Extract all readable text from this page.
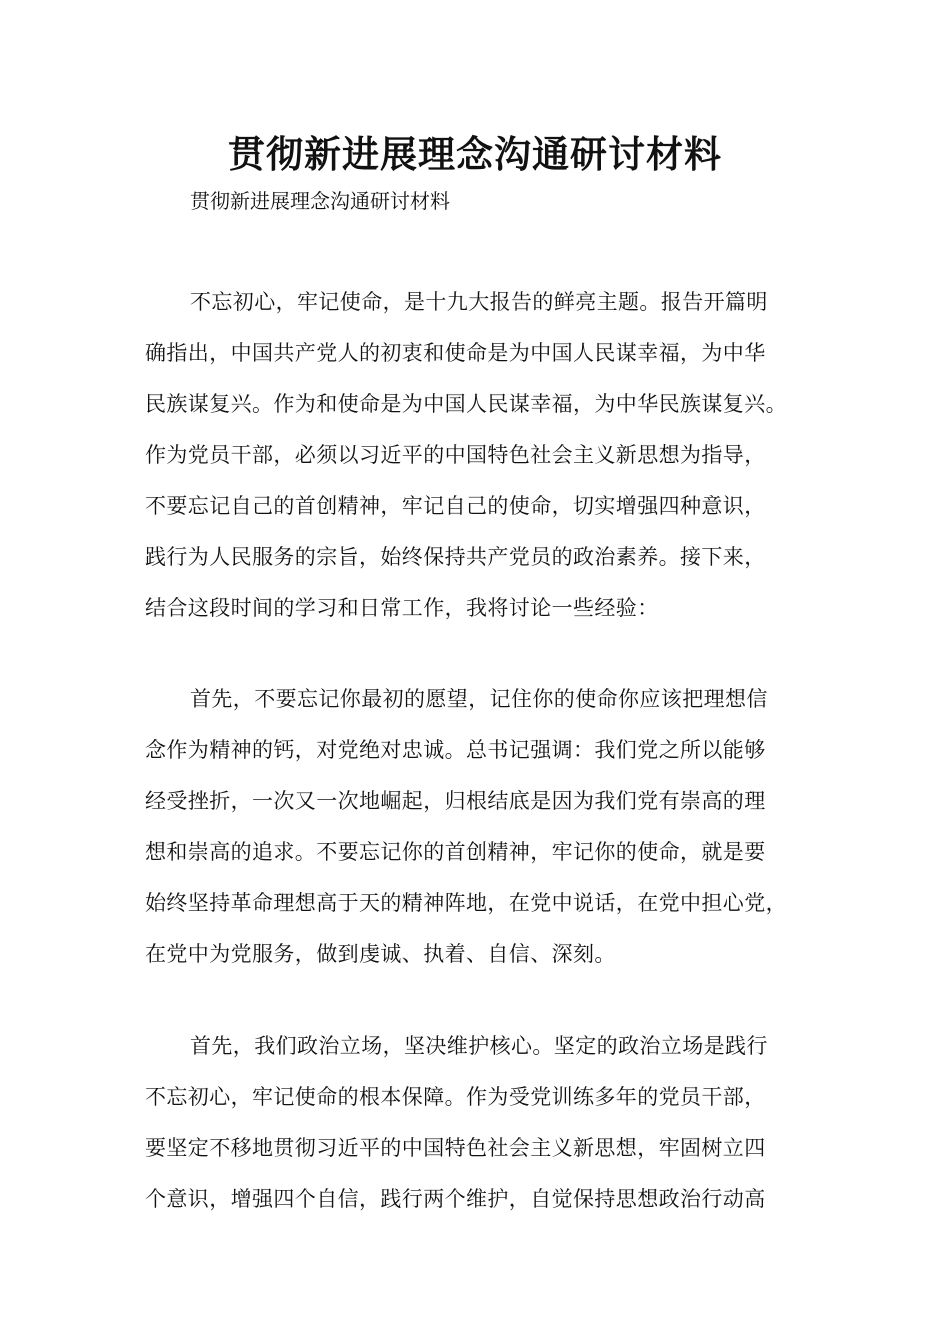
贯彻新进展理念沟通研讨材料
贯彻新进展理念沟通研讨材料
不忘初心，牢记使命，是十九大报告的鲜亮主题。报告开篇明
确指出，中国共产党人的初衷和使命是为中国人民谋幸福，为中华
民族谋复兴。作为和使命是为中国人民谋幸福，为中华民族谋复兴。
作为党员干部，必须以习近平的中国特色社会主义新思想为指导，
不要忘记自己的首创精神，牢记自己的使命，切实增强四种意识，
践行为人民服务的宗旨，始终保持共产党员的政治素养。接下来，
结合这段时间的学习和日常工作，我将讨论一些经验：
首先，不要忘记你最初的愿望，记住你的使命你应该把理想信
念作为精神的钙，对党绝对忠诚。总书记强调：我们党之所以能够
经受挫折，一次又一次地崛起，归根结底是因为我们党有崇高的理
想和崇高的追求。不要忘记你的首创精神，牢记你的使命，就是要
始终坚持革命理想高于天的精神阵地，在党中说话，在党中担心党，
在党中为党服务，做到虔诚、执着、自信、深刻。
首先，我们政治立场，坚决维护核心。坚定的政治立场是践行
不忘初心，牢记使命的根本保障。作为受党训练多年的党员干部，
要坚定不移地贯彻习近平的中国特色社会主义新思想，牢固树立四
个意识，增强四个自信，践行两个维护，自觉保持思想政治行动高
